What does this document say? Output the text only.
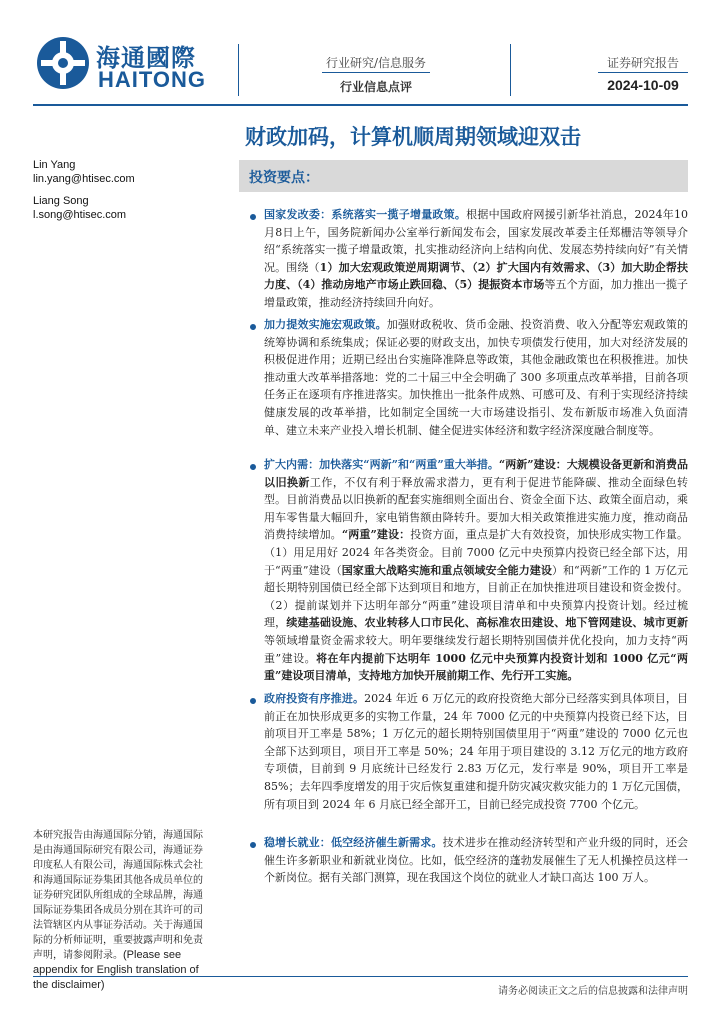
海通國際
HAITONG
行业研究/信息服务
行业信息点评
证券研究报告
2024-10-09
财政加码，计算机顺周期领域迎双击
Lin Yang
lin.yang@htisec.com
Liang Song
l.song@htisec.com
投资要点：
国家发改委：系统落实一揽子增量政策。根据中国政府网援引新华社消息，2024年10月8日上午，国务院新闻办公室举行新闻发布会，国家发展改革委主任郑栅洁等领导介绍“系统落实一揽子增量政策，扎实推动经济向上结构向优、发展态势持续向好”有关情况。围绕（1）加大宏观政策逆周期调节、（2）扩大国内有效需求、（3）加大助企帮扶力度、（4）推动房地产市场止跌回稳、（5）提振资本市场等五个方面，加力推出一揽子增量政策，推动经济持续回升向好。
加力提效实施宏观政策。加强财政税收、货币金融、投资消费、收入分配等宏观政策的统筹协调和系统集成；保证必要的财政支出，加快专项债发行使用，加大对经济发展的积极促进作用；近期已经出台实施降准降息等政策，其他金融政策也在积极推进。加快推动重大改革举措落地：党的二十届三中全会明确了 300 多项重点改革举措，目前各项任务正在逐项有序推进落实。加快推出一批条件成熟、可感可及、有利于实现经济持续健康发展的改革举措，比如制定全国统一大市场建设指引、发布新版市场准入负面清单、建立未来产业投入增长机制、健全促进实体经济和数字经济深度融合制度等。
扩大内需：加快落实“两新”和“两重”重大举措。“两新”建设：大规模设备更新和消费品以旧换新工作，不仅有利于释放需求潜力，更有利于促进节能降碳、推动全面绿色转型。目前消费品以旧换新的配套实施细则全面出台、资金全面下达、政策全面启动，乘用车零售量大幅回升，家电销售额由降转升。要加大相关政策推进实施力度，推动商品消费持续增加。“两重”建设：投资方面，重点是扩大有效投资，加快形成实物工作量。（1）用足用好 2024 年各类资金。目前 7000 亿元中央预算内投资已经全部下达，用于“两重”建设（国家重大战略实施和重点领域安全能力建设）和“两新”工作的 1 万亿元超长期特别国债已经全部下达到项目和地方，目前正在加快推进项目建设和资金拨付。（2）提前谋划并下达明年部分“两重”建设项目清单和中央预算内投资计划。经过梳理，续建基础设施、农业转移人口市民化、高标准农田建设、地下管网建设、城市更新等领域增量资金需求较大。明年要继续发行超长期特别国债并优化投向，加力支持“两重”建设。将在年内提前下达明年 1000 亿元中央预算内投资计划和 1000 亿元“两重”建设项目清单，支持地方加快开展前期工作、先行开工实施。
政府投资有序推进。2024 年近 6 万亿元的政府投资绝大部分已经落实到具体项目，目前正在加快形成更多的实物工作量，24 年 7000 亿元的中央预算内投资已经下达，目前项目开工率是 58%；1 万亿元的超长期特别国债里用于“两重”建设的 7000 亿元也全部下达到项目，项目开工率是 50%；24 年用于项目建设的 3.12 万亿元的地方政府专项债，目前到 9 月底统计已经发行 2.83 万亿元，发行率是 90%，项目开工率是 85%；去年四季度增发的用于灾后恢复重建和提升防灾减灾救灾能力的 1 万亿元国债，所有项目到 2024 年 6 月底已经全部开工，目前已经完成投资 7700 个亿元。
稳增长就业：低空经济催生新需求。技术进步在推动经济转型和产业升级的同时，还会催生许多新职业和新就业岗位。比如，低空经济的蓬勃发展催生了无人机操控员这样一个新岗位。据有关部门测算，现在我国这个岗位的就业人才缺口高达 100 万人。
本研究报告由海通国际分销，海通国际是由海通国际研究有限公司，海通证券印度私人有限公司，海通国际株式会社和海通国际证券集团其他各成员单位的证券研究团队所组成的全球品牌，海通国际证券集团各成员分别在其许可的司法管辖区内从事证券活动。关于海通国际的分析师证明，重要披露声明和免责声明，请参阅附录。(Please see appendix for English translation of the disclaimer)
请务必阅读正文之后的信息披露和法律声明
